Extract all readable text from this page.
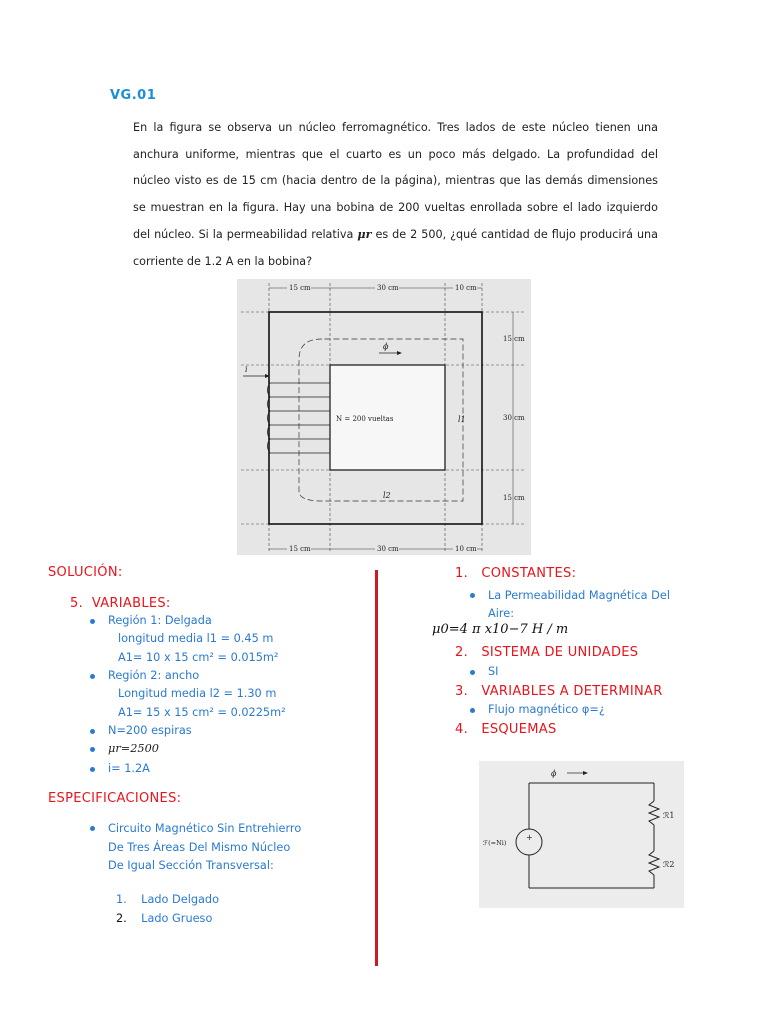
VG.01

En la figura se observa un núcleo ferromagnético. Tres lados de este núcleo tienen una anchura uniforme, mientras que el cuarto es un poco más delgado. La profundidad del núcleo visto es de 15 cm (hacia dentro de la página), mientras que las demás dimensiones se muestran en la figura. Hay una bobina de 200 vueltas enrollada sobre el lado izquierdo del núcleo. Si la permeabilidad relativa μr es de 2 500, ¿qué cantidad de flujo producirá una corriente de 1.2 A en la bobina?

15 cm	30 cm	10 cm
15 cm	30 cm	10 cm
15 cm
30 cm
15 cm
ϕ
i
N = 200 vueltas	l1
l2
SOLUCIÓN:
5. VARIABLES:
Región 1: Delgada
longitud media l1 = 0.45 m
A1= 10 x 15 cm² = 0.015m²
Región 2: ancho
Longitud media l2 = 1.30 m
A1= 15 x 15 cm² = 0.0225m²
N=200 espiras
μr=2500
i= 1.2A
ESPECIFICACIONES:
Circuito Magnético Sin Entrehierro De Tres Áreas Del Mismo Núcleo De Igual Sección Transversal:
1. Lado Delgado
2. Lado Grueso
1. CONSTANTES:
La Permeabilidad Magnética Del Aire:
μ0=4 π x10−7 H / m
2. SISTEMA DE UNIDADES
SI
3. VARIABLES A DETERMINAR
Flujo magnético φ=¿
4. ESQUEMAS
ϕ
+
ℱ(=Ni)
ℛ1
ℛ2
